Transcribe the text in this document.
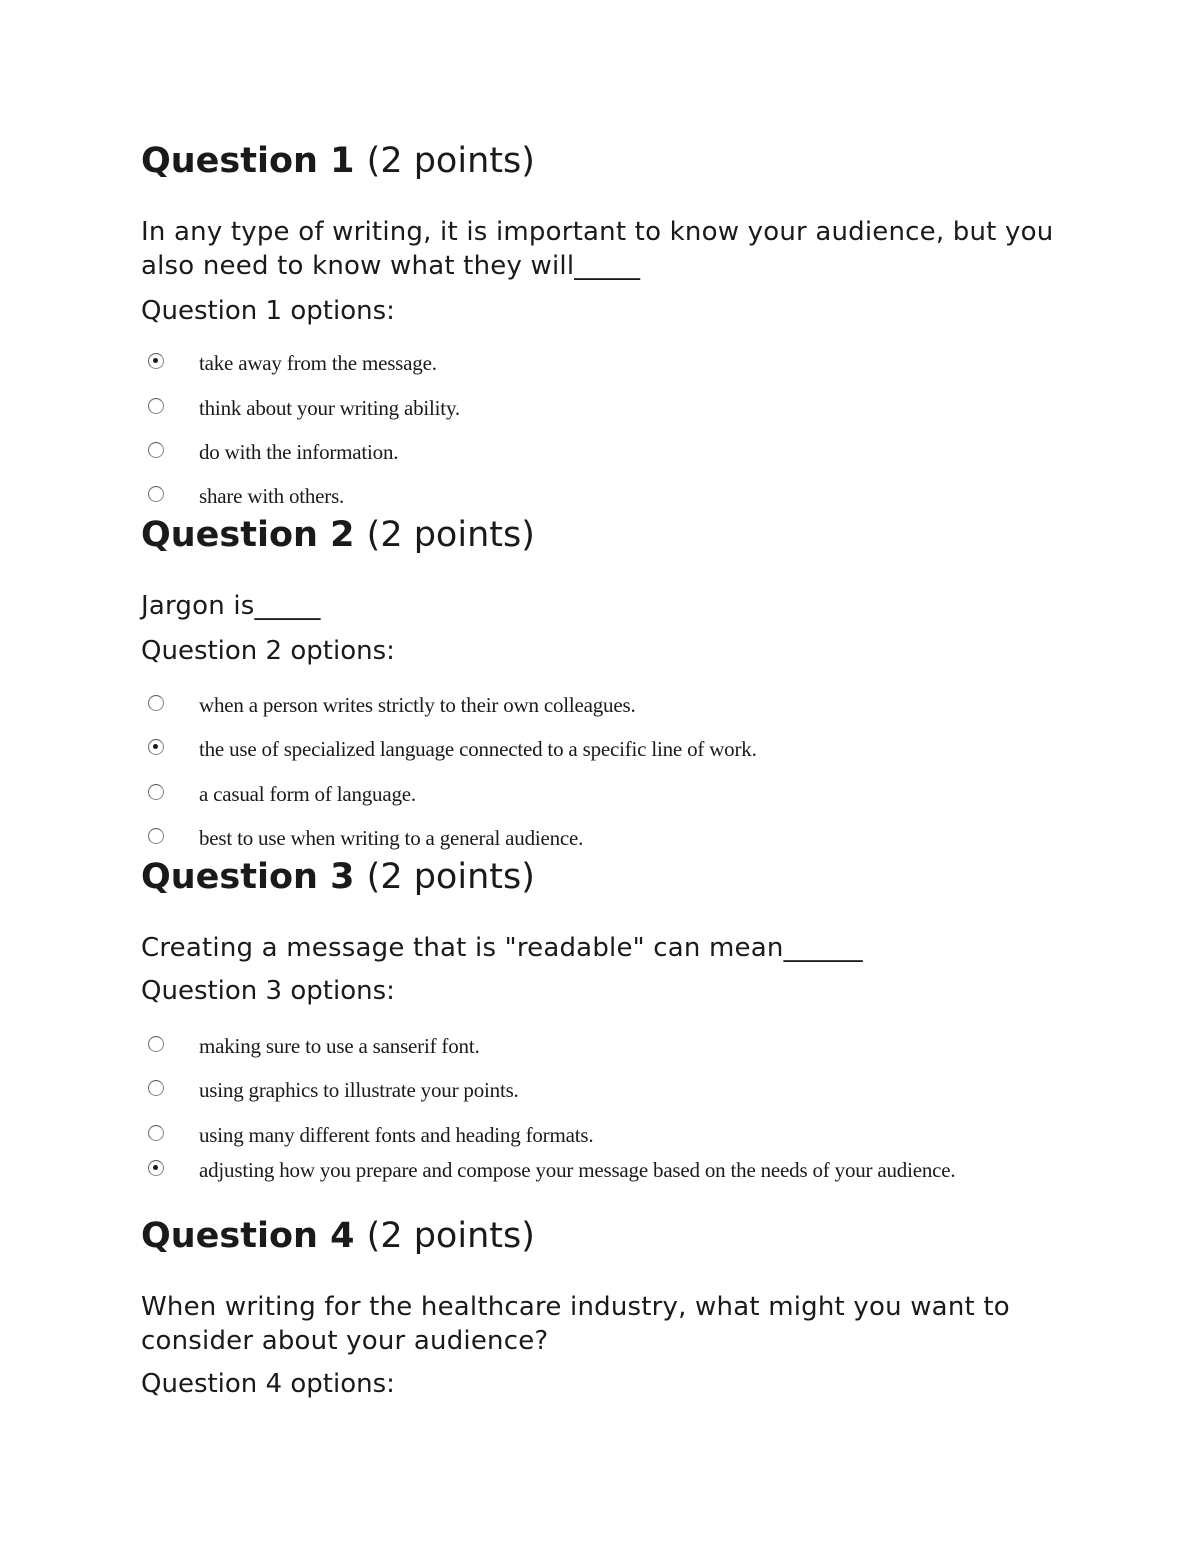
Question 1 (2 points)

In any type of writing, it is important to know your audience, but you also need to know what they will_____

Question 1 options:

take away from the message.
think about your writing ability.
do with the information.
share with others.
Question 2 (2 points)

Jargon is_____

Question 2 options:

when a person writes strictly to their own colleagues.
the use of specialized language connected to a specific line of work.
a casual form of language.
best to use when writing to a general audience.
Question 3 (2 points)

Creating a message that is "readable" can mean______

Question 3 options:

making sure to use a sanserif font.
using graphics to illustrate your points.
using many different fonts and heading formats.
adjusting how you prepare and compose your message based on the needs of your audience.
Question 4 (2 points)

When writing for the healthcare industry, what might you want to consider about your audience?

Question 4 options:
